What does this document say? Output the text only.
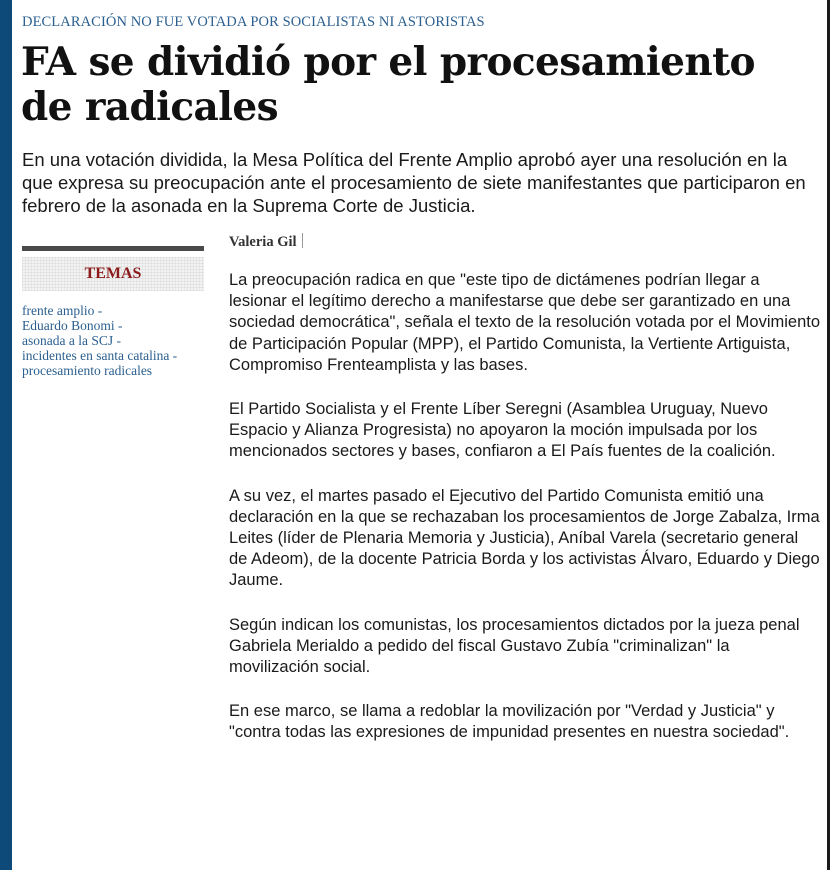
DECLARACIÓN NO FUE VOTADA POR SOCIALISTAS NI ASTORISTAS
FA se dividió por el procesamiento de radicales

En una votación dividida, la Mesa Política del Frente Amplio aprobó ayer una resolución en la que expresa su preocupación ante el procesamiento de siete manifestantes que participaron en febrero de la asonada en la Suprema Corte de Justicia.

TEMAS
frente amplio -
Eduardo Bonomi -
asonada a la SCJ -
incidentes en santa catalina -
procesamiento radicales
Valeria Gil

La preocupación radica en que "este tipo de dictámenes podrían llegar a lesionar el legítimo derecho a manifestarse que debe ser garantizado en una sociedad democrática", señala el texto de la resolución votada por el Movimiento de Participación Popular (MPP), el Partido Comunista, la Vertiente Artiguista, Compromiso Frenteamplista y las bases.

El Partido Socialista y el Frente Líber Seregni (Asamblea Uruguay, Nuevo Espacio y Alianza Progresista) no apoyaron la moción impulsada por los mencionados sectores y bases, confiaron a El País fuentes de la coalición.

A su vez, el martes pasado el Ejecutivo del Partido Comunista emitió una declaración en la que se rechazaban los procesamientos de Jorge Zabalza, Irma Leites (líder de Plenaria Memoria y Justicia), Aníbal Varela (secretario general de Adeom), de la docente Patricia Borda y los activistas Álvaro, Eduardo y Diego Jaume.

Según indican los comunistas, los procesamientos dictados por la jueza penal Gabriela Merialdo a pedido del fiscal Gustavo Zubía "criminalizan" la movilización social.

En ese marco, se llama a redoblar la movilización por "Verdad y Justicia" y "contra todas las expresiones de impunidad presentes en nuestra sociedad".
